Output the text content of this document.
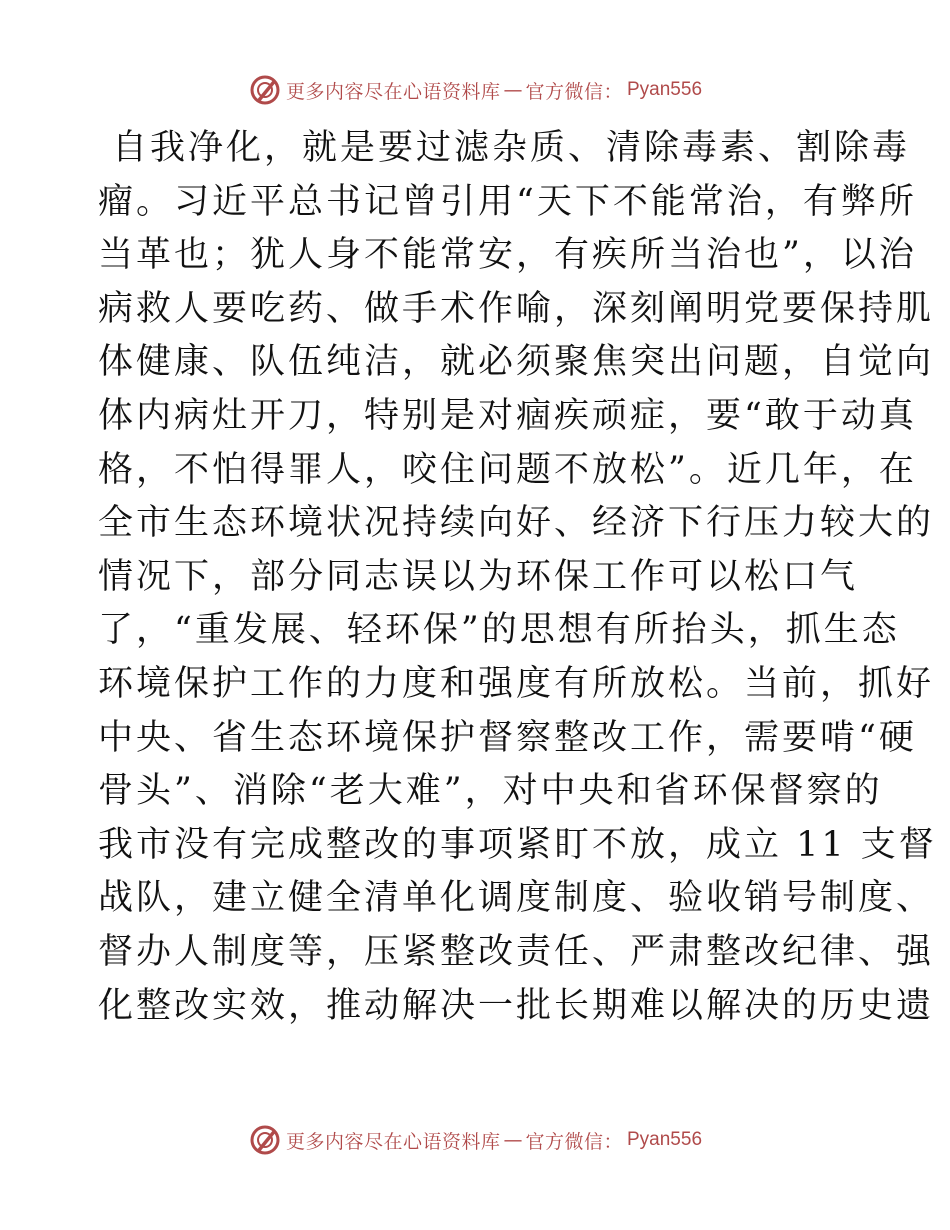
更多内容尽在心语资料库 — 官方微信： Pyan556
自我净化，就是要过滤杂质、清除毒素、割除毒
瘤。习近平总书记曾引用“天下不能常治，有弊所
当革也；犹人身不能常安，有疾所当治也”，以治
病救人要吃药、做手术作喻，深刻阐明党要保持肌
体健康、队伍纯洁，就必须聚焦突出问题，自觉向
体内病灶开刀，特别是对痼疾顽症，要“敢于动真
格，不怕得罪人，咬住问题不放松”。近几年，在
全市生态环境状况持续向好、经济下行压力较大的
情况下，部分同志误以为环保工作可以松口气
了，“重发展、轻环保”的思想有所抬头，抓生态
环境保护工作的力度和强度有所放松。当前，抓好
中央、省生态环境保护督察整改工作，需要啃“硬
骨头”、消除“老大难”，对中央和省环保督察的
我市没有完成整改的事项紧盯不放，成立 11 支督
战队，建立健全清单化调度制度、验收销号制度、
督办人制度等，压紧整改责任、严肃整改纪律、强
化整改实效，推动解决一批长期难以解决的历史遗
更多内容尽在心语资料库 — 官方微信： Pyan556
